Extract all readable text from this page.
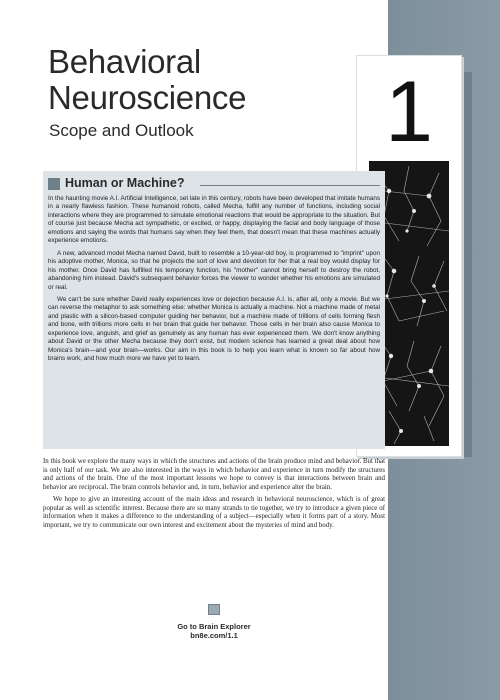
1
Behavioral
Neuroscience
Scope and Outlook
Human or Machine?

In the haunting movie A.I. Artificial Intelligence, set late in this century, robots have been developed that imitate humans in a nearly flawless fashion. These humanoid robots, called Mecha, fulfill any number of functions, including social interactions where they are programmed to simulate emotional reactions that would be appropriate to the situation. But of course just because Mecha act sympathetic, or excited, or happy, displaying the facial and body language of those emotions and saying the words that humans say when they feel them, that doesn't mean that these machines actually experience emotions.

A new, advanced model Mecha named David, built to resemble a 10-year-old boy, is programmed to "imprint" upon his adoptive mother, Monica, so that he projects the sort of love and devotion for her that a real boy would display for his mother. Once David has fulfilled his temporary function, his "mother" cannot bring herself to destroy the robot, abandoning him instead. David's subsequent behavior forces the viewer to wonder whether his emotions are simulated or real.

We can't be sure whether David really experiences love or dejection because A.I. is, after all, only a movie. But we can reverse the metaphor to ask something else: whether Monica is actually a machine. Not a machine made of metal and plastic with a silicon-based computer guiding her behavior, but a machine made of trillions of cells forming flesh and bone, with trillions more cells in her brain that guide her behavior. Those cells in her brain also cause Monica to experience love, anguish, and grief as genuinely as any human has ever experienced them. We don't know anything about David or the other Mecha because they don't exist, but modern science has learned a great deal about how Monica's brain—and your brain—works. Our aim in this book is to help you learn what is known so far about how brains work, and how much more we have yet to learn.

In this book we explore the many ways in which the structures and actions of the brain produce mind and behavior. But that is only half of our task. We are also interested in the ways in which behavior and experience in turn modify the structures and actions of the brain. One of the most important lessons we hope to convey is that interactions between brain and behavior are reciprocal. The brain controls behavior and, in turn, behavior and experience alter the brain.

We hope to give an interesting account of the main ideas and research in behavioral neuroscience, which is of great popular as well as scientific interest. Because there are so many strands to tie together, we try to introduce a given piece of information when it makes a difference to the understanding of a subject—especially when it forms part of a story. Most important, we try to communicate our own interest and excitement about the mysteries of mind and body.

Go to Brain Explorer
bn8e.com/1.1
